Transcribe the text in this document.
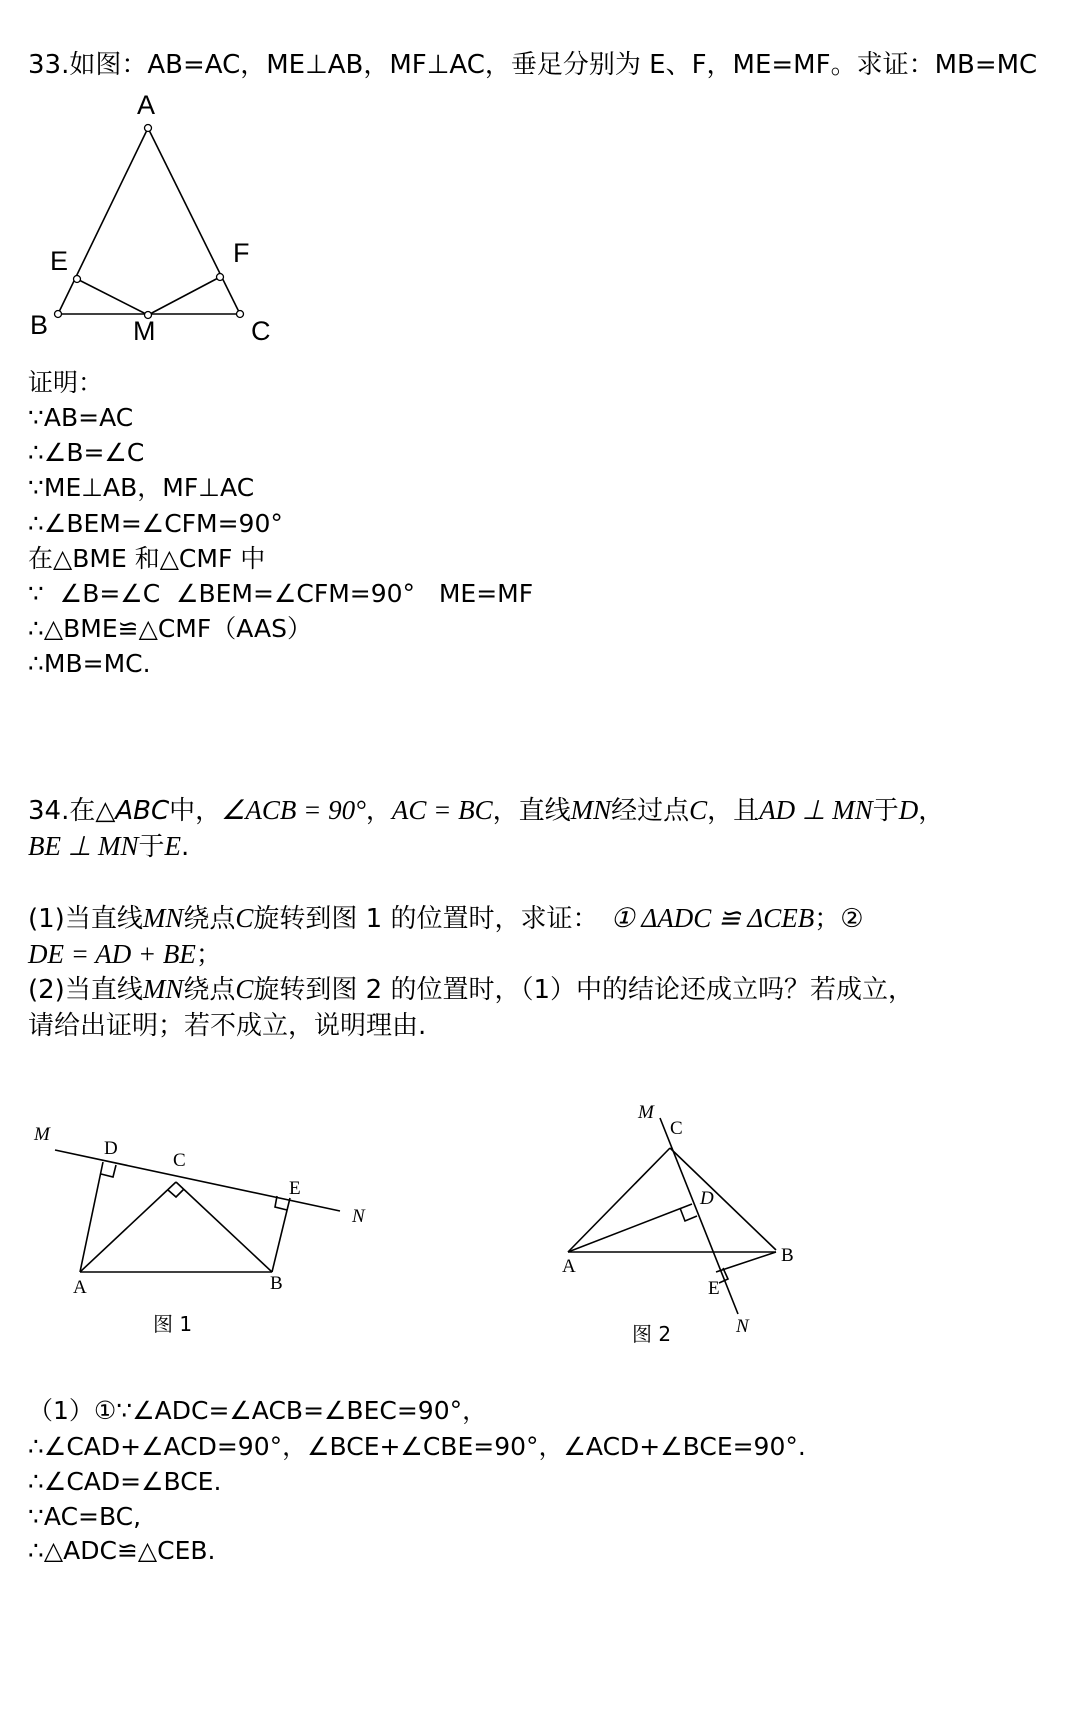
33.如图：AB=AC，ME⊥AB，MF⊥AC，垂足分别为 E、F，ME=MF。求证：MB=MC
A
E	F
B	M	C
证明：
∵AB=AC
∴∠B=∠C
∵ME⊥AB，MF⊥AC
∴∠BEM=∠CFM=90°
在△BME 和△CMF 中
∵  ∠B=∠C  ∠BEM=∠CFM=90°   ME=MF
∴△BME≌△CMF（AAS）
∴MB=MC.
34.在△ABC中，∠ACB = 90°，AC = BC，直线MN经过点C，且AD ⊥ MN于D，
BE ⊥ MN于E.
(1)当直线MN绕点C旋转到图 1 的位置时，求证： ① ΔADC ≌ ΔCEB；②
DE = AD + BE；
(2)当直线MN绕点C旋转到图 2 的位置时，（1）中的结论还成立吗？若成立，
请给出证明；若不成立，说明理由.
M
D
C
E
N
A	B
图 1
M
C
D
A
B
E
N
图 2
（1）①∵∠ADC=∠ACB=∠BEC=90°，
∴∠CAD+∠ACD=90°，∠BCE+∠CBE=90°，∠ACD+∠BCE=90°.
∴∠CAD=∠BCE.
∵AC=BC,
∴△ADC≌△CEB.
